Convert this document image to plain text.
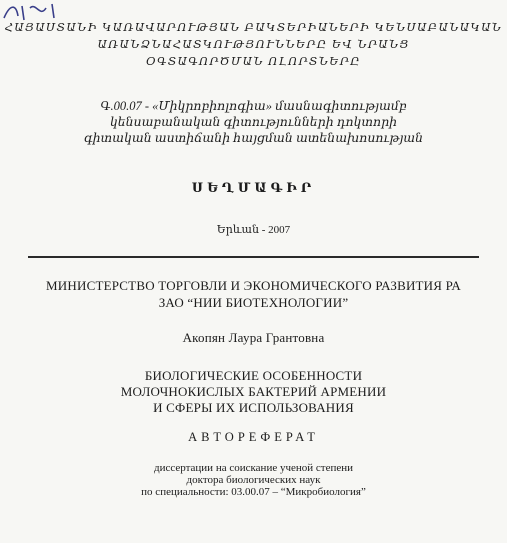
ՀԱՅԱՍՏԱՆԻ ԿԱՌԱՎԱՐՈՒԹՅԱՆ ԲԱԿՏԵՐԻԱՆԵՐԻ ԿԵՆՍԱԲԱՆԱԿԱՆ
ԱՌԱՆՁՆԱՀԱՏԿՈՒԹՅՈՒՆՆԵՐԸ ԵՎ ՆՐԱՆՑ
ՕԳՏԱԳՈՐԾՄԱՆ ՈԼՈՐՏՆԵՐԸ
Գ.00.07 - «Միկրոբիոլոգիա» մասնագիտությամբ
կենսաբանական գիտությունների դոկտորի
գիտական աստիճանի հայցման ատենախոսության
ՍԵՂՄԱԳԻՐ
Երևան - 2007
МИНИСТЕРСТВО ТОРГОВЛИ И ЭКОНОМИЧЕСКОГО РАЗВИТИЯ РА
ЗАО “НИИ БИОТЕХНОЛОГИИ”
Акопян Лаура Грантовна
БИОЛОГИЧЕСКИЕ ОСОБЕННОСТИ
МОЛОЧНОКИСЛЫХ БАКТЕРИЙ АРМЕНИИ
И СФЕРЫ ИХ ИСПОЛЬЗОВАНИЯ
АВТОРЕФЕРАТ
диссертации на соискание ученой степени
доктора биологических наук
по специальности: 03.00.07 – “Микробиология”
